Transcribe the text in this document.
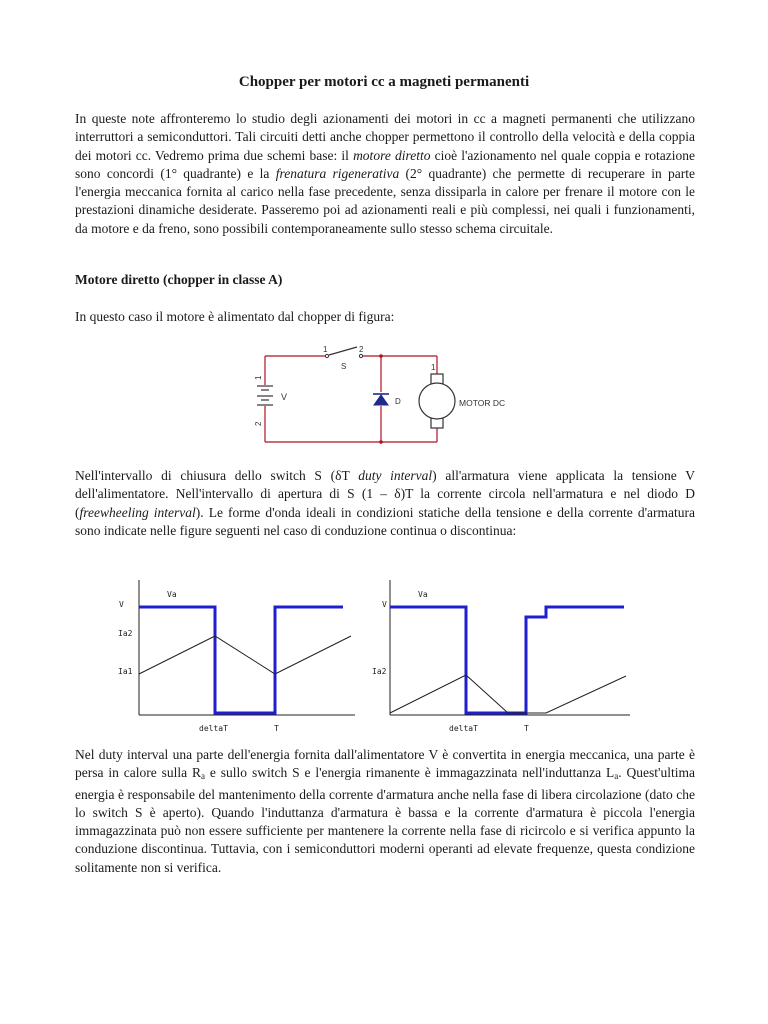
Chopper per motori cc a magneti permanenti

In queste note affronteremo lo studio degli azionamenti dei motori in cc a magneti permanenti che utilizzano interruttori a semiconduttori. Tali circuiti detti anche chopper permettono il controllo della velocità e della coppia dei motori cc. Vedremo prima due schemi base: il motore diretto cioè l'azionamento nel quale coppia e rotazione sono concordi (1° quadrante) e la frenatura rigenerativa (2° quadrante) che permette di recuperare in parte l'energia meccanica fornita al carico nella fase precedente, senza dissiparla in calore per frenare il motore con le prestazioni dinamiche desiderate. Passeremo poi ad azionamenti reali e più complessi, nei quali i funzionamenti, da motore e da freno, sono possibili contemporaneamente sullo stesso schema circuitale.

Motore diretto (chopper in classe A)

In questo caso il motore è alimentato dal chopper di figura:

1	2
S
1
2
V	D
1
MOTOR DC

Nell'intervallo di chiusura dello switch S (δT duty interval) all'armatura viene applicata la tensione V dell'alimentatore. Nell'intervallo di apertura di S (1 – δ)T la corrente circola nell'armatura e nel diodo D (freewheeling interval). Le forme d'onda ideali in condizioni statiche della tensione e della corrente d'armatura sono indicate nelle figure seguenti nel caso di conduzione continua o discontinua:

V
Va
Ia2
Ia1
deltaT	T
V
Va
Ia2
deltaT	T

Nel duty interval una parte dell'energia fornita dall'alimentatore V è convertita in energia meccanica, una parte è persa in calore sulla $R_a$ e sullo switch S e l'energia rimanente è immagazzinata nell'induttanza $L_a$. Quest'ultima energia è responsabile del mantenimento della corrente d'armatura anche nella fase di libera circolazione (dato che lo switch S è aperto). Quando l'induttanza d'armatura è bassa e la corrente d'armatura è piccola l'energia immagazzinata può non essere sufficiente per mantenere la corrente nella fase di ricircolo e si verifica appunto la conduzione discontinua. Tuttavia, con i semiconduttori moderni operanti ad elevate frequenze, questa condizione solitamente non si verifica.
